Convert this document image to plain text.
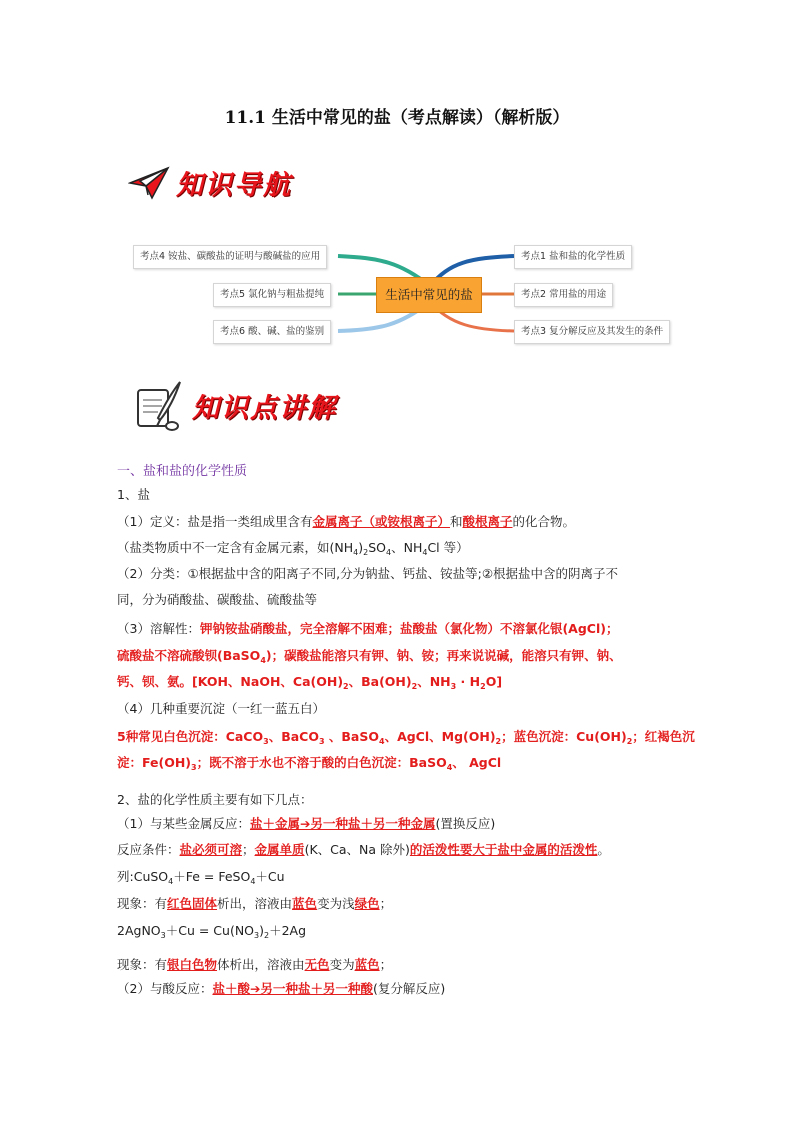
11.1 生活中常见的盐（考点解读）（解析版）
知识导航
生活中常见的盐
考点1 盐和盐的化学性质
考点2 常用盐的用途
考点3 复分解反应及其发生的条件
考点4 铵盐、碳酸盐的证明与酸碱盐的应用
考点5 氯化钠与粗盐提纯
考点6 酸、碱、盐的鉴别
知识点讲解
一、盐和盐的化学性质
1、盐
（1）定义：盐是指一类组成里含有金属离子（或铵根离子）和酸根离子的化合物。
（盐类物质中不一定含有金属元素，如$(NH_4)_2SO_4$、$NH_4Cl$ 等）
（2）分类：①根据盐中含的阳离子不同,分为钠盐、钙盐、铵盐等;②根据盐中含的阴离子不
同，分为硝酸盐、碳酸盐、硫酸盐等
（3）溶解性：钾钠铵盐硝酸盐，完全溶解不困难；盐酸盐（氯化物）不溶氯化银(AgCl)；
硫酸盐不溶硫酸钡(BaSO$_4$)；碳酸盐能溶只有钾、钠、铵；再来说说碱，能溶只有钾、钠、
钙、钡、氨。[KOH、NaOH、$Ca(OH)_2$、$Ba(OH)_2$、$NH_3 \cdot H_2O$]
（4）几种重要沉淀（一红一蓝五白）
5种常见白色沉淀：CaCO$_3$、BaCO$_3$ 、BaSO$_4$、AgCl、$Mg(OH)_2$；蓝色沉淀：$Cu(OH)_2$；红褐色沉
淀：$Fe(OH)_3$；既不溶于水也不溶于酸的白色沉淀：BaSO$_4$、 AgCl
2、盐的化学性质主要有如下几点：
（1）与某些金属反应：盐＋金属➔另一种盐＋另一种金属(置换反应)
反应条件：盐必须可溶；金属单质(K、Ca、Na 除外)的活泼性要大于盐中金属的活泼性。
列:CuSO$_4$＋Fe = FeSO$_4$＋Cu
现象：有红色固体析出，溶液由蓝色变为浅绿色；
2AgNO$_3$＋Cu = $Cu(NO_3)_2+2Ag$
现象：有银白色物体析出，溶液由无色变为蓝色；
（2）与酸反应：盐＋酸➔另一种盐＋另一种酸(复分解反应)
